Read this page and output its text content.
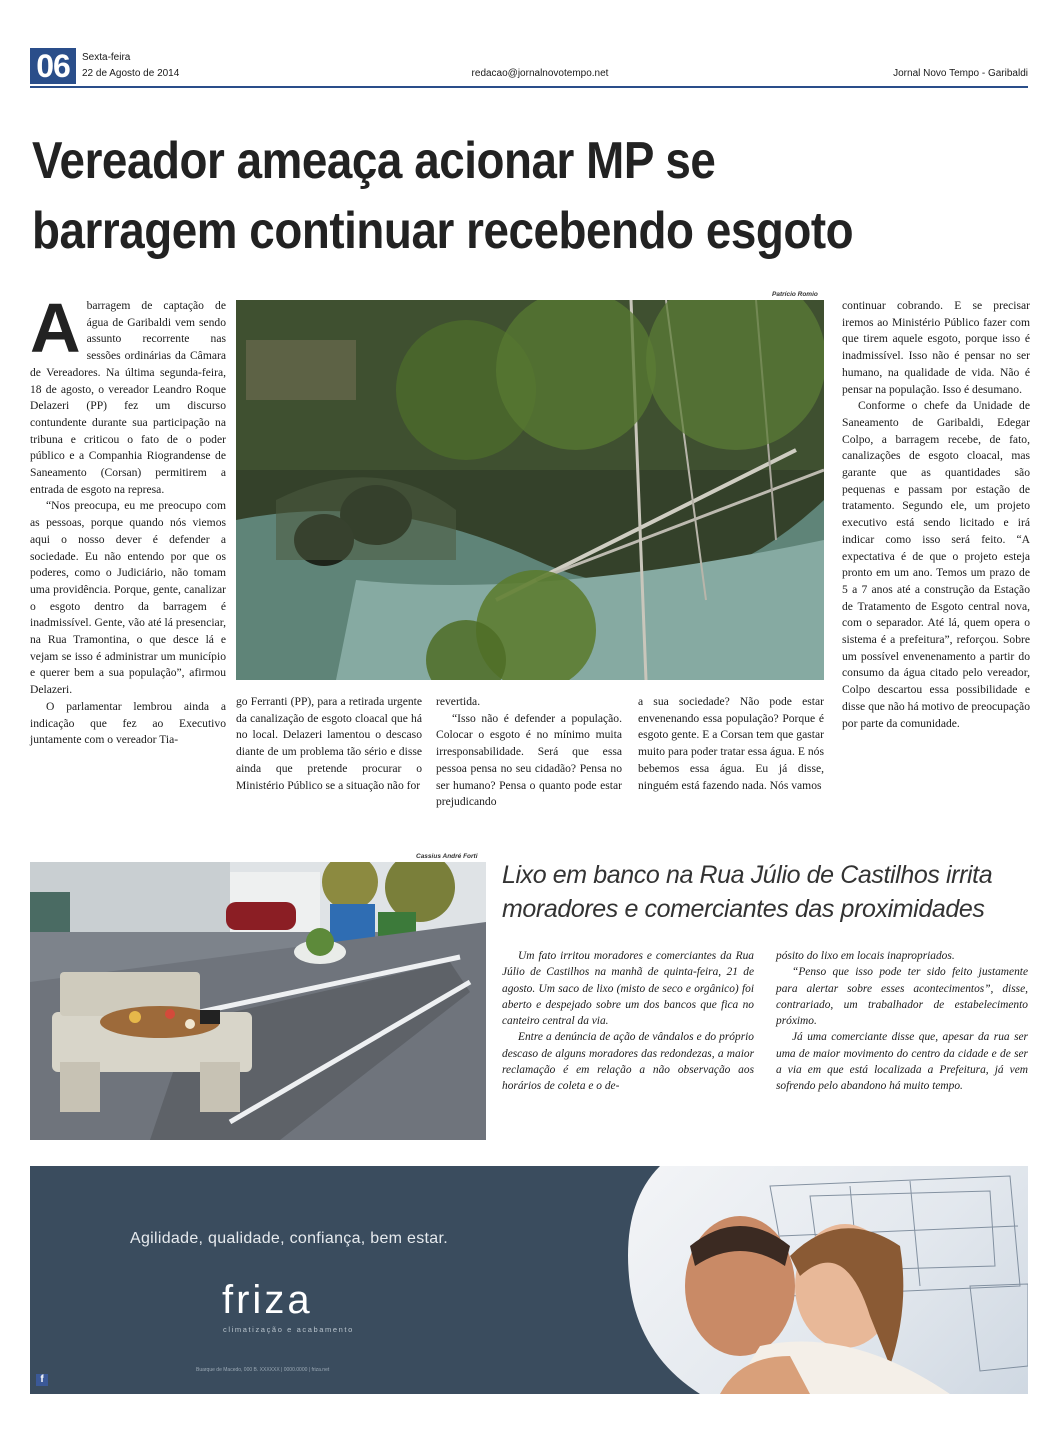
06	Sexta-feira
22 de Agosto de 2014	redacao@jornalnovotempo.net	Jornal Novo Tempo - Garibaldi
Vereador ameaça acionar MP se
barragem continuar recebendo esgoto

Abarragem de captação de água de Garibaldi vem sendo assunto recorrente nas sessões ordinárias da Câmara de Vereadores. Na última segunda-feira, 18 de agosto, o vereador Leandro Roque Delazeri (PP) fez um discurso contundente durante sua participação na tribuna e criticou o fato de o poder público e a Companhia Riograndense de Saneamento (Corsan) permitirem a entrada de esgoto na represa.

“Nos preocupa, eu me preocupo com as pessoas, porque quando nós viemos aqui o nosso dever é defender a sociedade. Eu não entendo por que os poderes, como o Judiciário, não tomam uma providência. Porque, gente, canalizar o esgoto dentro da barragem é inadmissível. Gente, vão até lá presenciar, na Rua Tramontina, o que desce lá e vejam se isso é administrar um município e querer bem a sua população”, afirmou Delazeri.

O parlamentar lembrou ainda a indicação que fez ao Executivo juntamente com o vereador Tia-

Patrício Romio

go Ferranti (PP), para a retirada urgente da canalização de esgoto cloacal que há no local. Delazeri lamentou o descaso diante de um problema tão sério e disse ainda que pretende procurar o Ministério Público se a situação não for

revertida.

“Isso não é defender a população. Colocar o esgoto é no mínimo muita irresponsabilidade. Será que essa pessoa pensa no seu cidadão? Pensa no ser humano? Pensa o quanto pode estar prejudicando

a sua sociedade? Não pode estar envenenando essa população? Porque é esgoto gente. E a Corsan tem que gastar muito para poder tratar essa água. E nós bebemos essa água. Eu já disse, ninguém está fazendo nada. Nós vamos

continuar cobrando. E se precisar iremos ao Ministério Público fazer com que tirem aquele esgoto, porque isso é inadmissível. Isso não é pensar no ser humano, na qualidade de vida. Não é pensar na população. Isso é desumano.

Conforme o chefe da Unidade de Saneamento de Garibaldi, Edegar Colpo, a barragem recebe, de fato, canalizações de esgoto cloacal, mas garante que as quantidades são pequenas e passam por estação de tratamento. Segundo ele, um projeto executivo está sendo licitado e irá indicar como isso será feito. “A expectativa é de que o projeto esteja pronto em um ano. Temos um prazo de 5 a 7 anos até a construção da Estação de Tratamento de Esgoto central nova, com o separador. Até lá, quem opera o sistema é a prefeitura”, reforçou. Sobre um possível envenenamento a partir do consumo da água citado pelo vereador, Colpo descartou essa possibilidade e disse que não há motivo de preocupação por parte da comunidade.

Cassius André Forti
Lixo em banco na Rua Júlio de Castilhos irrita
moradores e comerciantes das proximidades

Um fato irritou moradores e comerciantes da Rua Júlio de Castilhos na manhã de quinta-feira, 21 de agosto. Um saco de lixo (misto de seco e orgânico) foi aberto e despejado sobre um dos bancos que fica no canteiro central da via.

Entre a denúncia de ação de vândalos e do próprio descaso de alguns moradores das redondezas, a maior reclamação é em relação a não observação aos horários de coleta e o de-

pósito do lixo em locais inapropriados.

“Penso que isso pode ter sido feito justamente para alertar sobre esses acontecimentos”, disse, contrariado, um trabalhador de estabelecimento próximo.

Já uma comerciante disse que, apesar da rua ser uma de maior movimento do centro da cidade e de ser a via em que está localizada a Prefeitura, já vem sofrendo pelo abandono há muito tempo.

Agilidade, qualidade, confiança, bem estar.
friza
climatização e acabamento
Buarque de Macedo, 000 B. XXXXXX | 0000.0000 | friza.net
f
